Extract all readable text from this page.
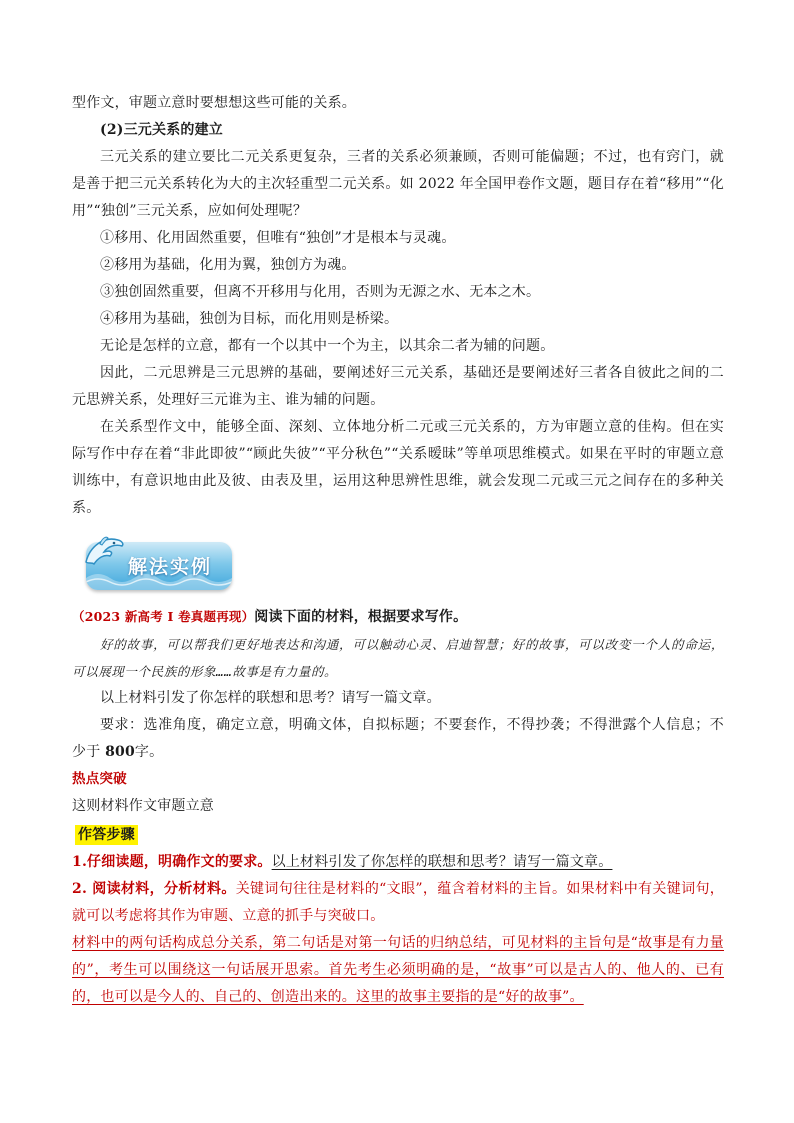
型作文，审题立意时要想想这些可能的关系。

(2)三元关系的建立

三元关系的建立要比二元关系更复杂，三者的关系必须兼顾，否则可能偏题；不过，也有窍门，就是善于把三元关系转化为大的主次轻重型二元关系。如 2022 年全国甲卷作文题，题目存在着“移用”“化用”“独创”三元关系，应如何处理呢？

①移用、化用固然重要，但唯有“独创”才是根本与灵魂。

②移用为基础，化用为翼，独创方为魂。

③独创固然重要，但离不开移用与化用，否则为无源之水、无本之木。

④移用为基础，独创为目标，而化用则是桥梁。

无论是怎样的立意，都有一个以其中一个为主，以其余二者为辅的问题。

因此，二元思辨是三元思辨的基础，要阐述好三元关系，基础还是要阐述好三者各自彼此之间的二元思辨关系，处理好三元谁为主、谁为辅的问题。

在关系型作文中，能够全面、深刻、立体地分析二元或三元关系的，方为审题立意的佳构。但在实际写作中存在着“非此即彼”“顾此失彼”“平分秋色”“关系暧昧”等单项思维模式。如果在平时的审题立意训练中，有意识地由此及彼、由表及里，运用这种思辨性思维，就会发现二元或三元之间存在的多种关系。

解法实例

（2023 新高考 I 卷真题再现）阅读下面的材料，根据要求写作。

好的故事，可以帮我们更好地表达和沟通，可以触动心灵、启迪智慧；好的故事，可以改变一个人的命运，可以展现一个民族的形象……故事是有力量的。

以上材料引发了你怎样的联想和思考？请写一篇文章。

要求：选准角度，确定立意，明确文体，自拟标题；不要套作，不得抄袭；不得泄露个人信息；不少于 800字。

热点突破

这则材料作文审题立意

作答步骤

1.仔细读题，明确作文的要求。以上材料引发了你怎样的联想和思考？请写一篇文章。

2. 阅读材料，分析材料。关键词句往往是材料的“文眼”，蕴含着材料的主旨。如果材料中有关键词句，就可以考虑将其作为审题、立意的抓手与突破口。

材料中的两句话构成总分关系，第二句话是对第一句话的归纳总结，可见材料的主旨句是“故事是有力量的”，考生可以围绕这一句话展开思索。首先考生必须明确的是，“故事”可以是古人的、他人的、已有的，也可以是今人的、自己的、创造出来的。这里的故事主要指的是“好的故事”。
